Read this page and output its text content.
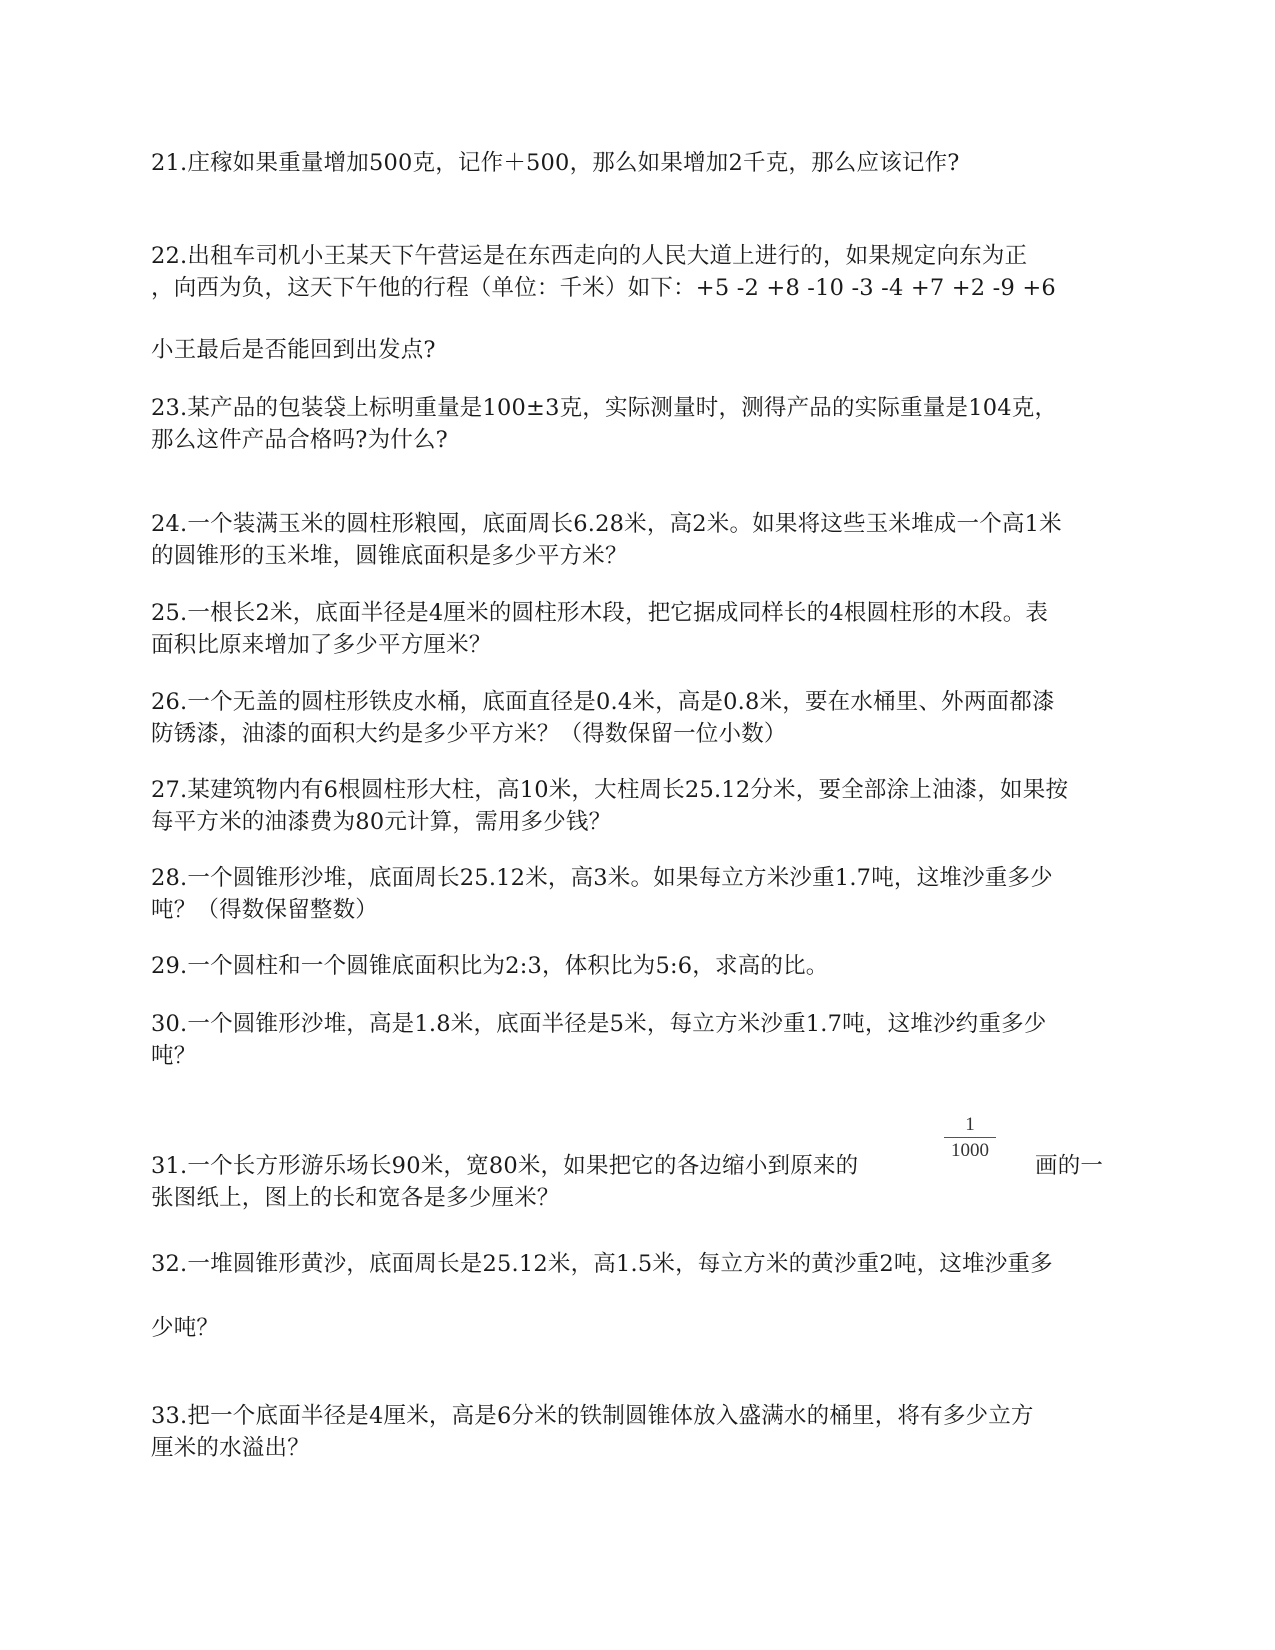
21.庄稼如果重量增加500克，记作＋500，那么如果增加2千克，那么应该记作?
22.出租车司机小王某天下午营运是在东西走向的人民大道上进行的，如果规定向东为正
，向西为负，这天下午他的行程（单位：千米）如下：+5 -2 +8 -10 -3 -4 +7 +2 -9 +6
小王最后是否能回到出发点?
23.某产品的包装袋上标明重量是100±3克，实际测量时，测得产品的实际重量是104克，
那么这件产品合格吗?为什么?
24.一个装满玉米的圆柱形粮囤，底面周长6.28米，高2米。如果将这些玉米堆成一个高1米
的圆锥形的玉米堆，圆锥底面积是多少平方米？
25.一根长2米，底面半径是4厘米的圆柱形木段，把它据成同样长的4根圆柱形的木段。表
面积比原来增加了多少平方厘米？
26.一个无盖的圆柱形铁皮水桶，底面直径是0.4米，高是0.8米，要在水桶里、外两面都漆
防锈漆，油漆的面积大约是多少平方米？（得数保留一位小数）
27.某建筑物内有6根圆柱形大柱，高10米，大柱周长25.12分米，要全部涂上油漆，如果按
每平方米的油漆费为80元计算，需用多少钱？
28.一个圆锥形沙堆，底面周长25.12米，高3米。如果每立方米沙重1.7吨，这堆沙重多少
吨？（得数保留整数）
29.一个圆柱和一个圆锥底面积比为2:3，体积比为5:6，求高的比。
30.一个圆锥形沙堆，高是1.8米，底面半径是5米，每立方米沙重1.7吨，这堆沙约重多少
吨？
31.一个长方形游乐场长90米，宽80米，如果把它的各边缩小到原来的
1
1000
画的一
张图纸上，图上的长和宽各是多少厘米？
32.一堆圆锥形黄沙，底面周长是25.12米，高1.5米，每立方米的黄沙重2吨，这堆沙重多
少吨？
33.把一个底面半径是4厘米，高是6分米的铁制圆锥体放入盛满水的桶里，将有多少立方
厘米的水溢出？
